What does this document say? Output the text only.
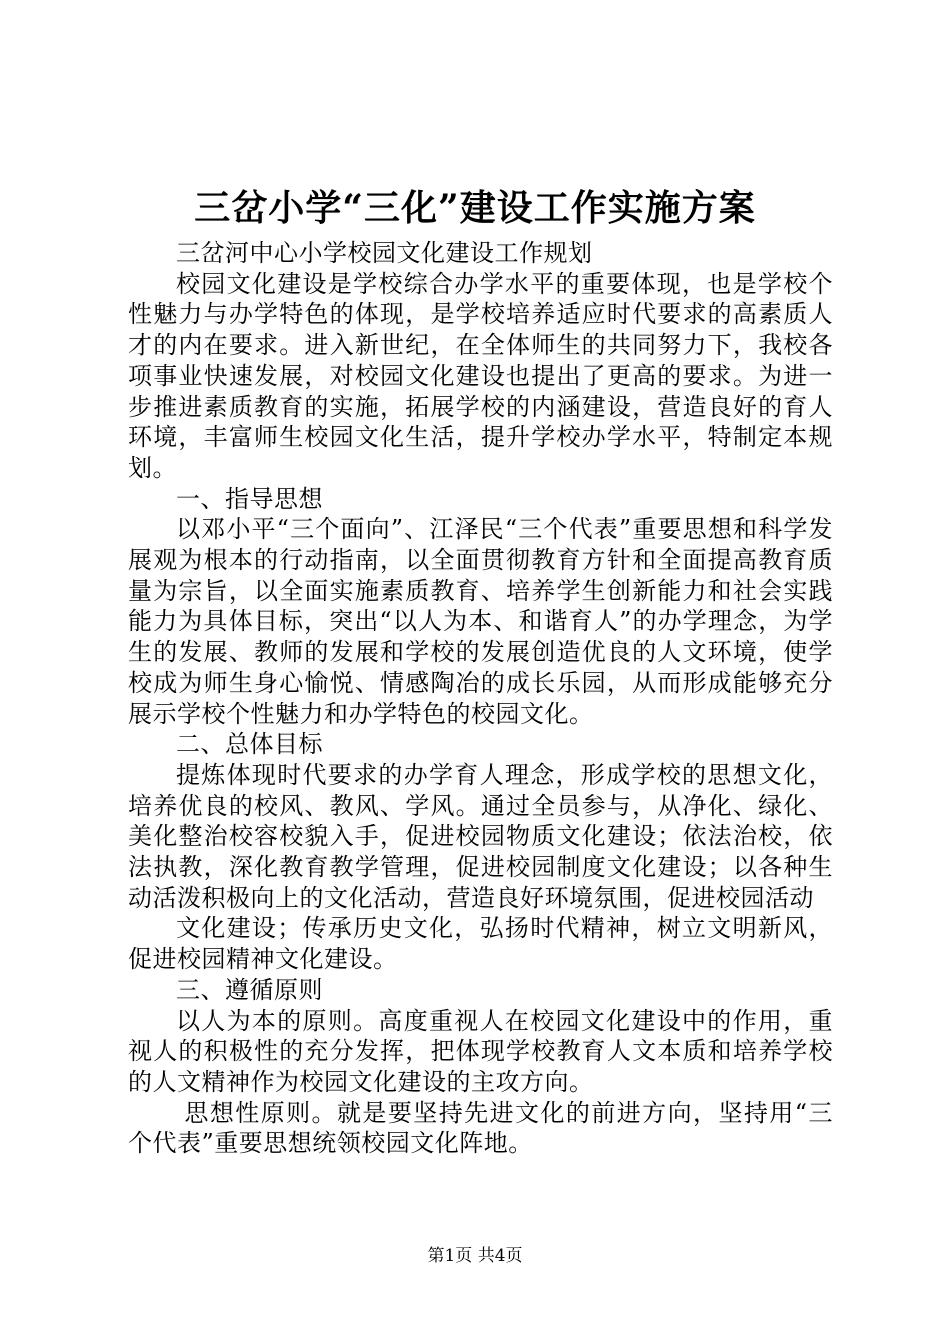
三岔小学“三化”建设工作实施方案

三岔河中心小学校园文化建设工作规划

校园文化建设是学校综合办学水平的重要体现，也是学校个性魅力与办学特色的体现，是学校培养适应时代要求的高素质人才的内在要求。进入新世纪，在全体师生的共同努力下，我校各项事业快速发展，对校园文化建设也提出了更高的要求。为进一步推进素质教育的实施，拓展学校的内涵建设，营造良好的育人环境，丰富师生校园文化生活，提升学校办学水平，特制定本规划。

一、指导思想

以邓小平“三个面向”、江泽民“三个代表”重要思想和科学发展观为根本的行动指南，以全面贯彻教育方针和全面提高教育质量为宗旨，以全面实施素质教育、培养学生创新能力和社会实践能力为具体目标，突出“以人为本、和谐育人”的办学理念，为学生的发展、教师的发展和学校的发展创造优良的人文环境，使学校成为师生身心愉悦、情感陶冶的成长乐园，从而形成能够充分展示学校个性魅力和办学特色的校园文化。

二、总体目标

提炼体现时代要求的办学育人理念，形成学校的思想文化，培养优良的校风、教风、学风。通过全员参与，从净化、绿化、美化整治校容校貌入手，促进校园物质文化建设；依法治校，依法执教，深化教育教学管理，促进校园制度文化建设；以各种生动活泼积极向上的文化活动，营造良好环境氛围，促进校园活动

文化建设；传承历史文化，弘扬时代精神，树立文明新风，促进校园精神文化建设。

三、遵循原则

以人为本的原则。高度重视人在校园文化建设中的作用，重视人的积极性的充分发挥，把体现学校教育人文本质和培养学校的人文精神作为校园文化建设的主攻方向。

思想性原则。就是要坚持先进文化的前进方向，坚持用“三个代表”重要思想统领校园文化阵地。

第1页 共4页
